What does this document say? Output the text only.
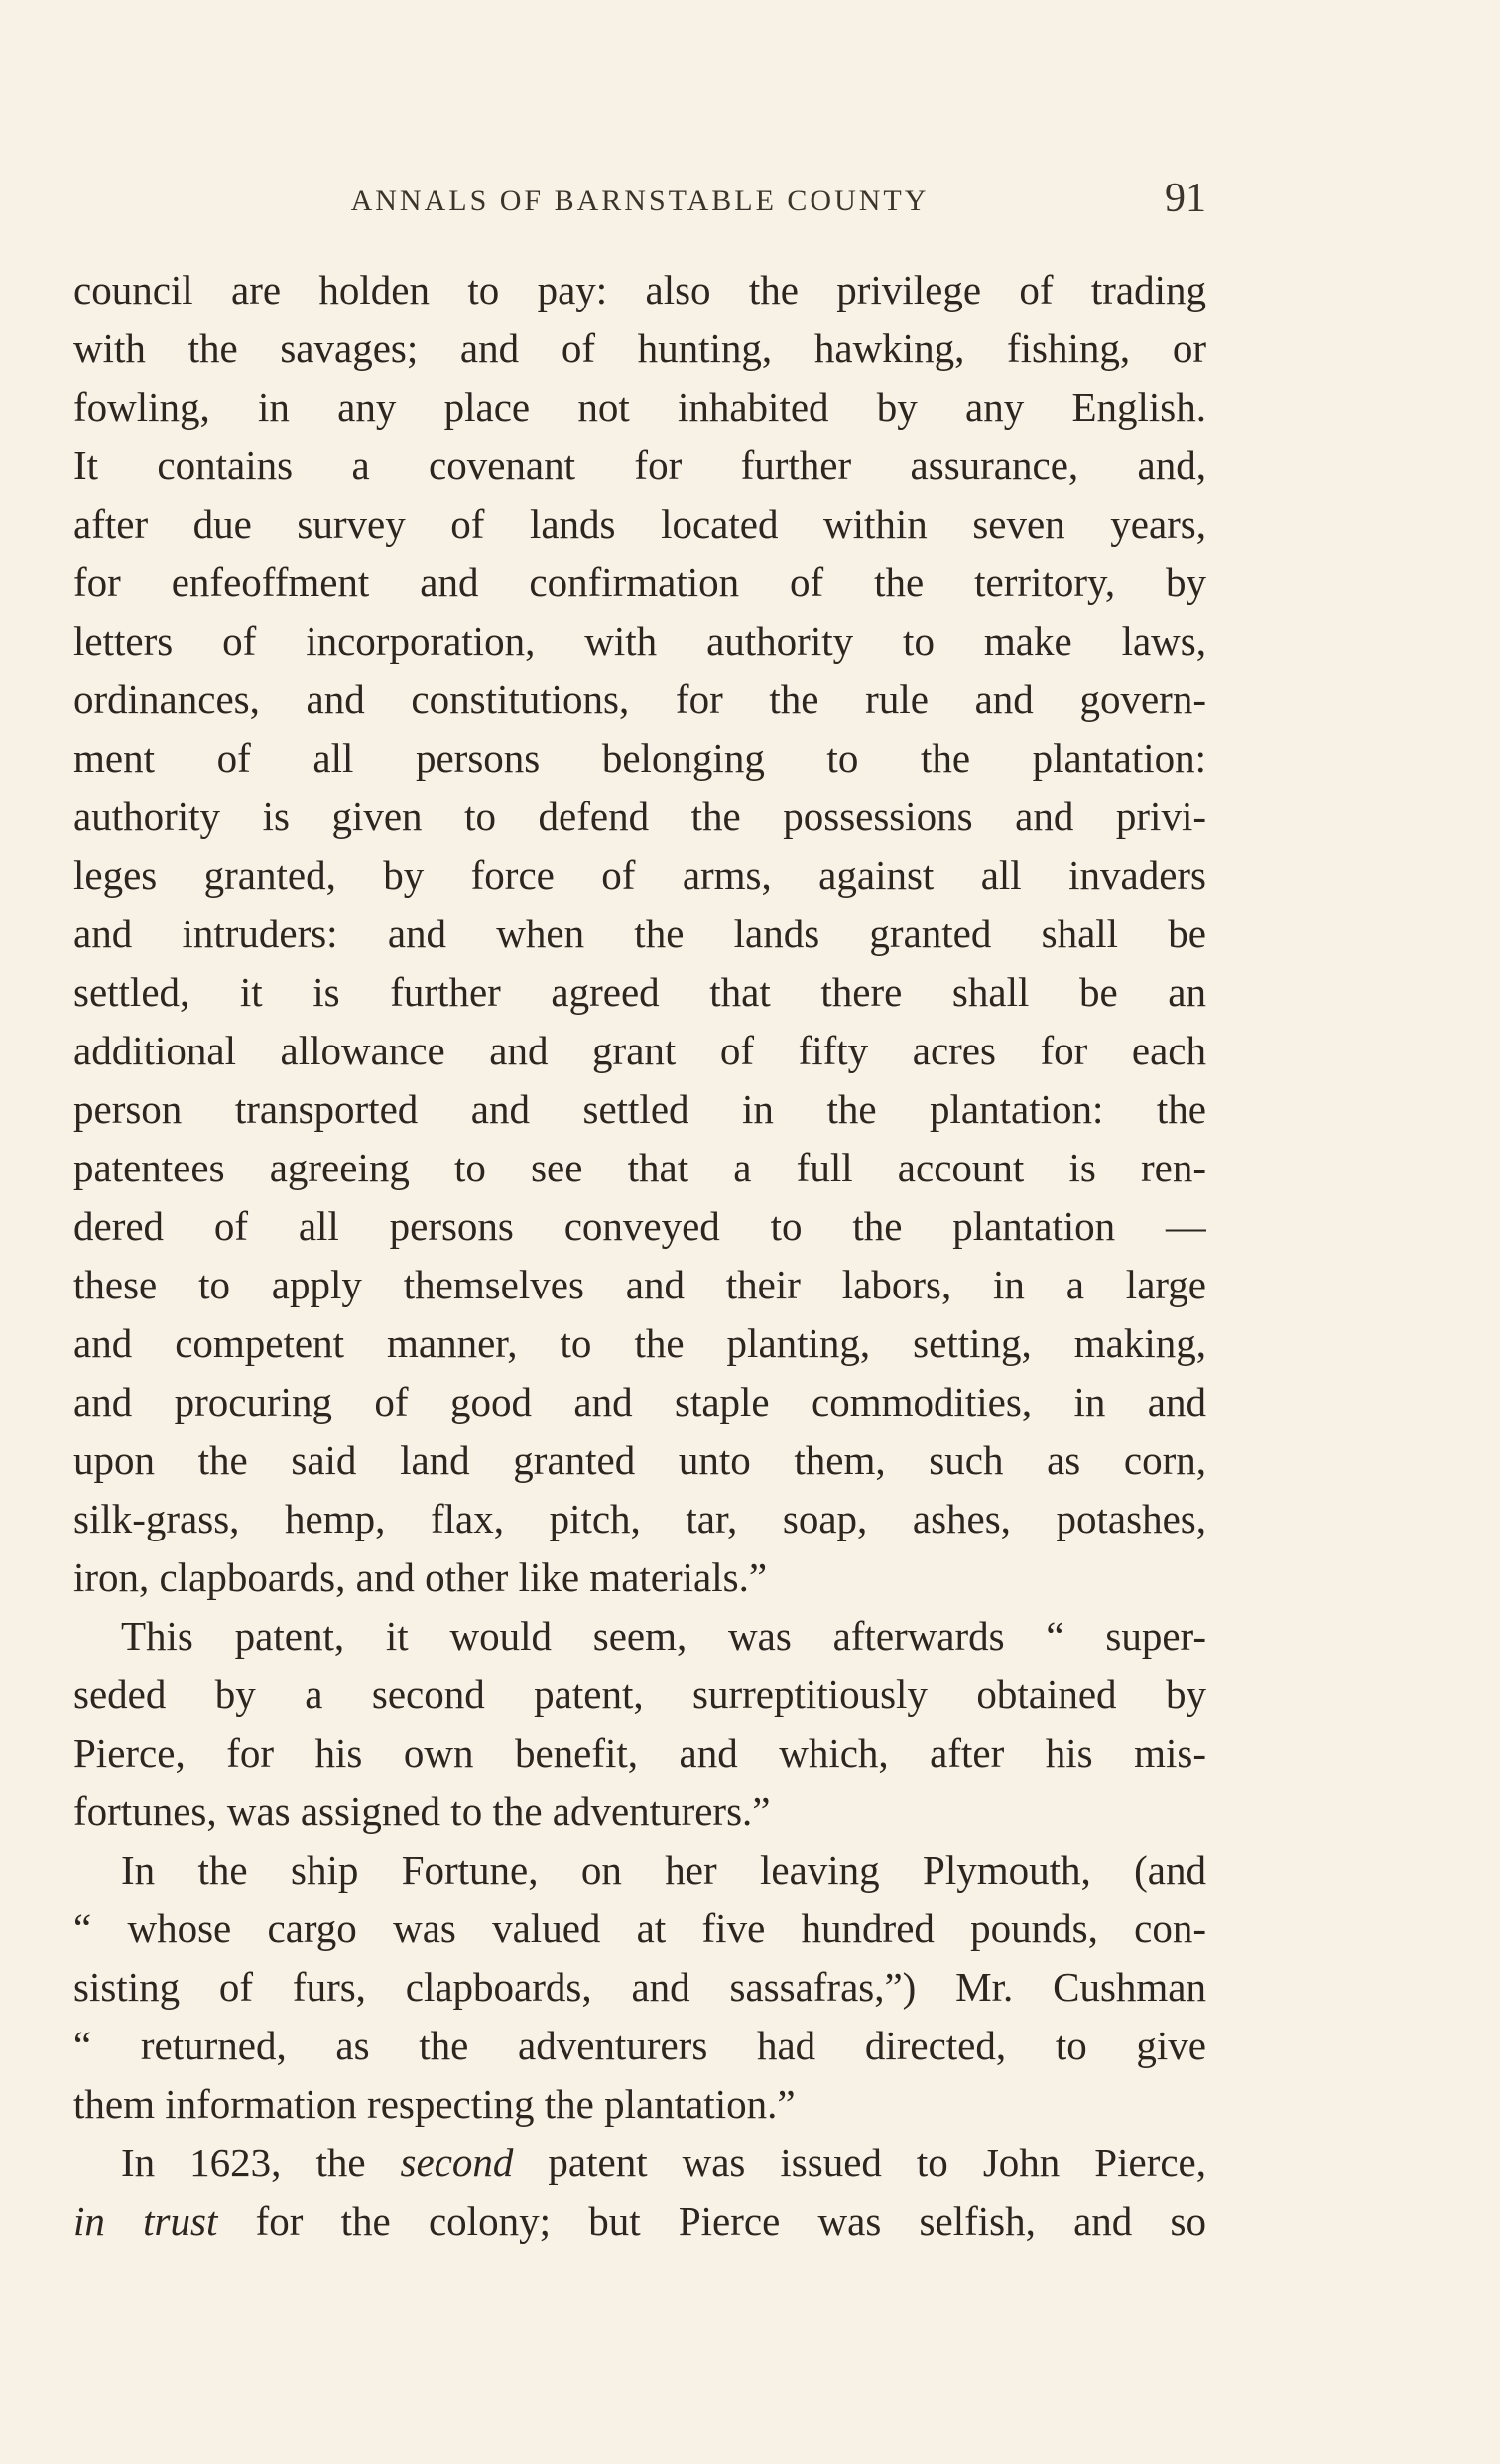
ANNALS OF BARNSTABLE COUNTY	91
council are holden to pay: also the privilege of trading
with the savages; and of hunting, hawking, fishing, or
fowling, in any place not inhabited by any English.
It contains a covenant for further assurance, and,
after due survey of lands located within seven years,
for enfeoffment and confirmation of the territory, by
letters of incorporation, with authority to make laws,
ordinances, and constitutions, for the rule and govern-
ment of all persons belonging to the plantation:
authority is given to defend the possessions and privi-
leges granted, by force of arms, against all invaders
and intruders: and when the lands granted shall be
settled, it is further agreed that there shall be an
additional allowance and grant of fifty acres for each
person transported and settled in the plantation: the
patentees agreeing to see that a full account is ren-
dered of all persons conveyed to the plantation —
these to apply themselves and their labors, in a large
and competent manner, to the planting, setting, making,
and procuring of good and staple commodities, in and
upon the said land granted unto them, such as corn,
silk-grass, hemp, flax, pitch, tar, soap, ashes, potashes,
iron, clapboards, and other like materials.”
This patent, it would seem, was afterwards “ super-
seded by a second patent, surreptitiously obtained by
Pierce, for his own benefit, and which, after his mis-
fortunes, was assigned to the adventurers.”
In the ship Fortune, on her leaving Plymouth, (and
“ whose cargo was valued at five hundred pounds, con-
sisting of furs, clapboards, and sassafras,”) Mr. Cushman
“ returned, as the adventurers had directed, to give
them information respecting the plantation.”
In 1623, the second patent was issued to John Pierce,
in trust for the colony; but Pierce was selfish, and so
